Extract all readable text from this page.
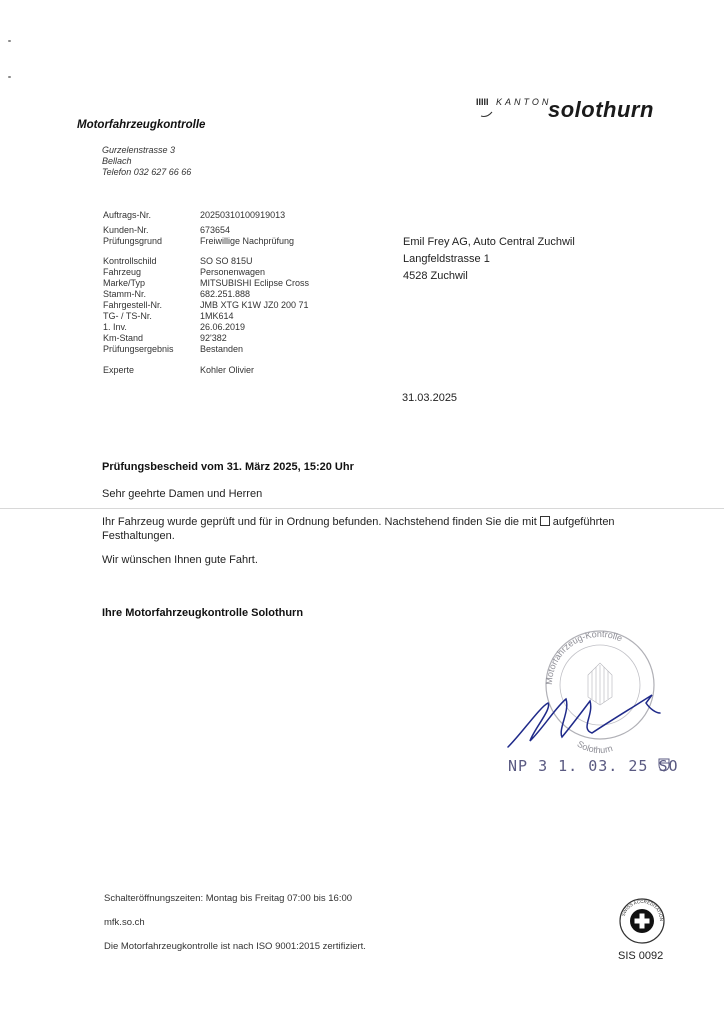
IIIII KANTON
solothurn
Motorfahrzeugkontrolle
Gurzelenstrasse 3
Bellach
Telefon 032 627 66 66
Auftrags-Nr.	20250310100919013
Kunden-Nr.	673654
Prüfungsgrund	Freiwillige Nachprüfung
Kontrollschild	SO SO 815U
Fahrzeug	Personenwagen
Marke/Typ	MITSUBISHI Eclipse Cross
Stamm-Nr.	682.251.888
Fahrgestell-Nr.	JMB XTG K1W JZ0 200 71
TG- / TS-Nr.	1MK614
1. Inv.	26.06.2019
Km-Stand	92'382
Prüfungsergebnis	Bestanden
Experte	Kohler Olivier
Emil Frey AG, Auto Central Zuchwil
Langfeldstrasse 1
4528 Zuchwil
31.03.2025
Prüfungsbescheid vom 31. März 2025, 15:20 Uhr
Sehr geehrte Damen und Herren
Ihr Fahrzeug wurde geprüft und für in Ordnung befunden. Nachstehend finden Sie die mit aufgeführten
Festhaltungen.
Wir wünschen Ihnen gute Fahrt.
Ihre Motorfahrzeugkontrolle Solothurn
Motorfahrzeug-Kontrolle
Solothurn
NP 3 1. 03. 25 SO
Schalteröffnungszeiten: Montag bis Freitag 07:00 bis 16:00
mfk.so.ch
Die Motorfahrzeugkontrolle ist nach ISO 9001:2015 zertifiziert.
SWISS ACCREDITATION
SIS 0092
